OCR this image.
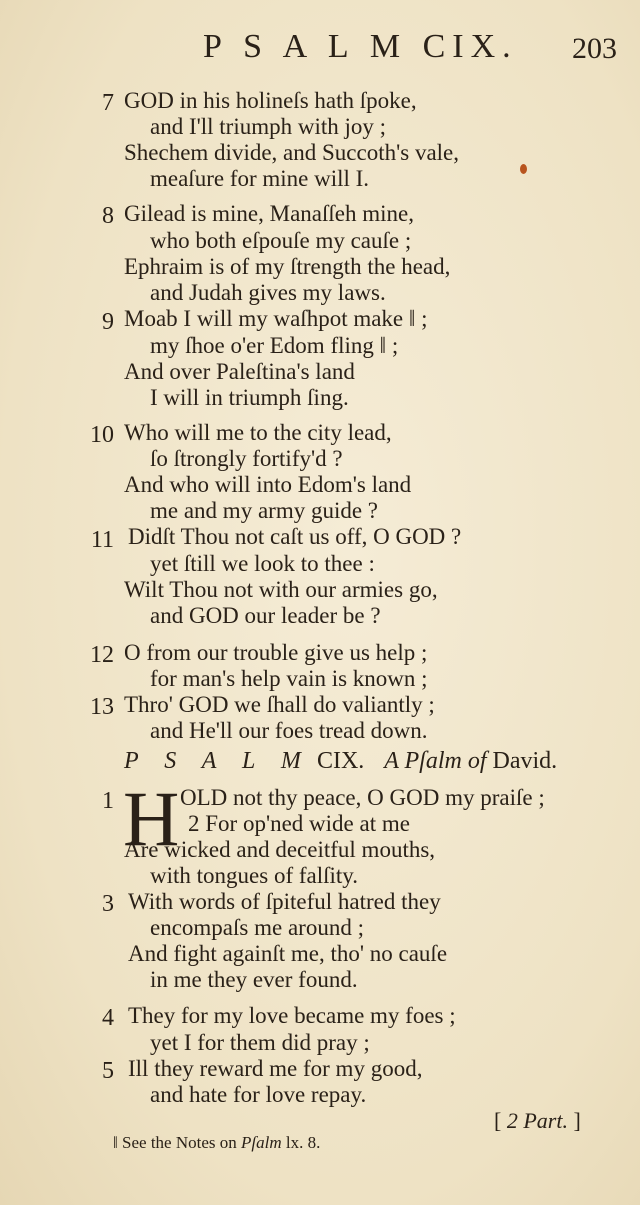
P S A L M CIX. 203
7 GOD in his holineſs hath ſpoke,
and I'll triumph with joy ;
Shechem divide, and Succoth's vale,
meaſure for mine will I.
8 Gilead is mine, Manaſſeh mine,
who both eſpouſe my cauſe ;
Ephraim is of my ſtrength the head,
and Judah gives my laws.
9 Moab I will my waſhpot make ‖ ;
my ſhoe o'er Edom fling ‖ ;
And over Paleſtina's land
I will in triumph ſing.
10 Who will me to the city lead,
ſo ſtrongly fortify'd ?
And who will into Edom's land
me and my army guide ?
11 Didſt Thou not caſt us off, O GOD ?
yet ſtill we look to thee :
Wilt Thou not with our armies go,
and GOD our leader be ?
12 O from our trouble give us help ;
for man's help vain is known ;
13 Thro' GOD we ſhall do valiantly ;
and He'll our foes tread down.
P S A L M CIX. A Pſalm of David.
1 H OLD not thy peace, O GOD my praiſe ;
2 For op'ned wide at me
Are wicked and deceitful mouths,
with tongues of falſity.
3 With words of ſpiteful hatred they
encompaſs me around ;
And fight againſt me, tho' no cauſe
in me they ever found.
4 They for my love became my foes ;
yet I for them did pray ;
5 Ill they reward me for my good,
and hate for love repay.
[ 2 Part. ]
‖ See the Notes on Pſalm lx. 8.
